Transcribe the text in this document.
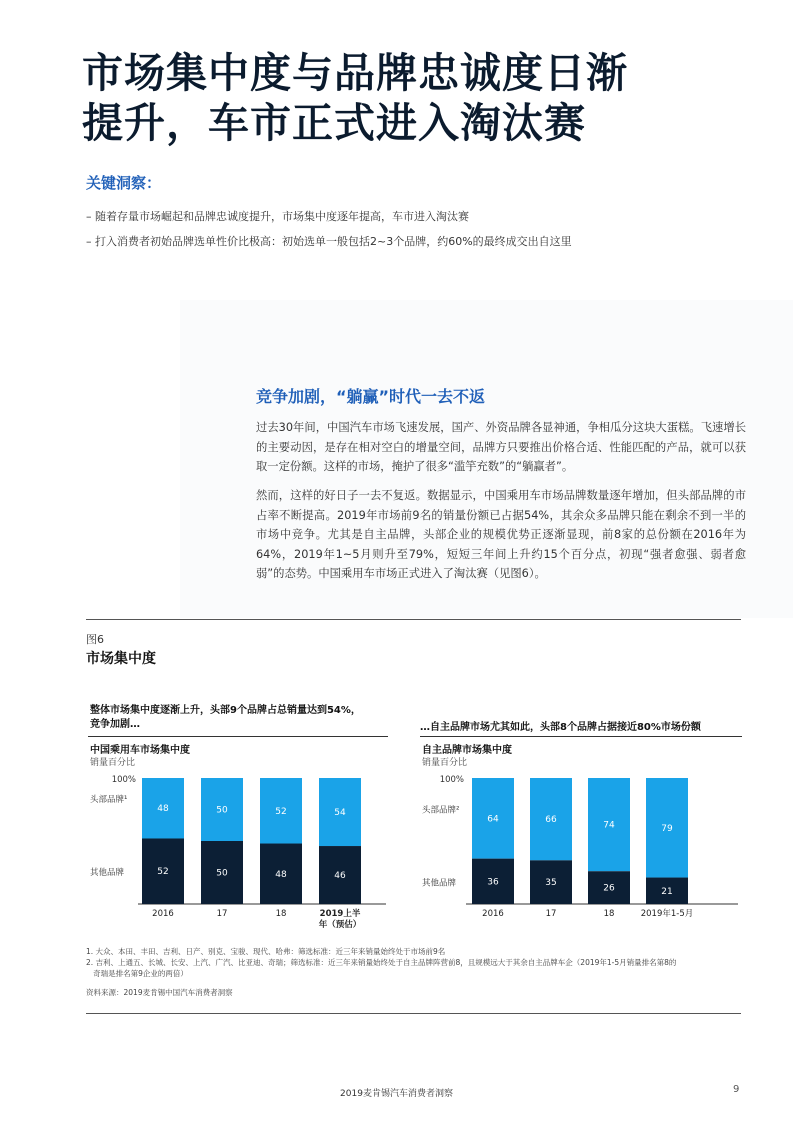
市场集中度与品牌忠诚度日渐
提升，车市正式进入淘汰赛
关键洞察：
– 随着存量市场崛起和品牌忠诚度提升，市场集中度逐年提高，车市进入淘汰赛
– 打入消费者初始品牌选单性价比极高：初始选单一般包括2~3个品牌，约60%的最终成交出自这里
竞争加剧，“躺赢”时代一去不返
过去30年间，中国汽车市场飞速发展，国产、外资品牌各显神通，争相瓜分这块大蛋糕。飞速增长的主要动因，是存在相对空白的增量空间，品牌方只要推出价格合适、性能匹配的产品，就可以获取一定份额。这样的市场，掩护了很多“滥竽充数”的“躺赢者”。
然而，这样的好日子一去不复返。数据显示，中国乘用车市场品牌数量逐年增加，但头部品牌的市占率不断提高。2019年市场前9名的销量份额已占据54%，其余众多品牌只能在剩余不到一半的市场中竞争。尤其是自主品牌，头部企业的规模优势正逐渐显现，前8家的总份额在2016年为64%，2019年1~5月则升至79%，短短三年间上升约15个百分点，初现“强者愈强、弱者愈弱”的态势。中国乘用车市场正式进入了淘汰赛（见图6）。
图6
市场集中度
整体市场集中度逐渐上升，头部9个品牌占总销量达到54%，
竞争加剧…
中国乘用车市场集中度
销量百分比
100%
48
52
2016
50
50
17
52
48
18
54
46
2019上半
年（预估）
头部品牌¹
其他品牌
…自主品牌市场尤其如此，头部8个品牌占据接近80%市场份额
自主品牌市场集中度
销量百分比
100%
64
36
2016
66
35
17
74
26
18
79
21
2019年1-5月
头部品牌²
其他品牌
1. 大众、本田、丰田、吉利、日产、别克、宝骏、现代、哈弗：筛选标准：近三年来销量始终处于市场前9名
2. 吉利、上通五、长城、长安、上汽、广汽、比亚迪、奇瑞；筛选标准：近三年来销量始终处于自主品牌阵营前8，且规模远大于其余自主品牌车企（2019年1-5月销量排名第8的
奇瑞是排名第9企业的两倍）
资料来源：2019麦肯锡中国汽车消费者洞察
2019麦肯锡汽车消费者洞察	9
